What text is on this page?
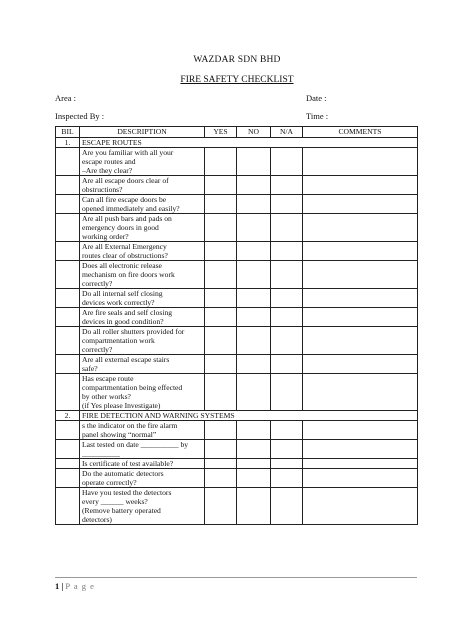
WAZDAR SDN BHD
FIRE SAFETY CHECKLIST
Area :	Date :
Inspected By :	Time :
BIL	DESCRIPTION	YES	NO	N/A	COMMENTS
1.	ESCAPE ROUTES				
	Are you familiar with all your
escape routes and
–Are they clear?				
	Are all escape doors clear of
obstructions?				
	Can all fire escape doors be
opened immediately and easily?				
	Are all push bars and pads on
emergency doors in good
working order?				
	Are all External Emergency
routes clear of obstructions?				
	Does all electronic release
mechanism on fire doors work
correctly?				
	Do all internal self closing
devices work correctly?				
	Are fire seals and self closing
devices in good condition?				
	Do all roller shutters provided for
compartmentation work
correctly?				
	Are all external escape stairs
safe?				
	Has escape route
compartmentation being effected
by other works?
(if Yes please Investigate)				
2.	FIRE DETECTION AND WARNING SYSTEMS				
	s the indicator on the fire alarm
panel showing “normal”				
	Last tested on date __________ by
__________				
	Is certificate of test available?				
	Do the automatic detectors
operate correctly?				
	Have you tested the detectors
every ______ weeks?
(Remove battery operated
detectors)				
1 | P a g e
